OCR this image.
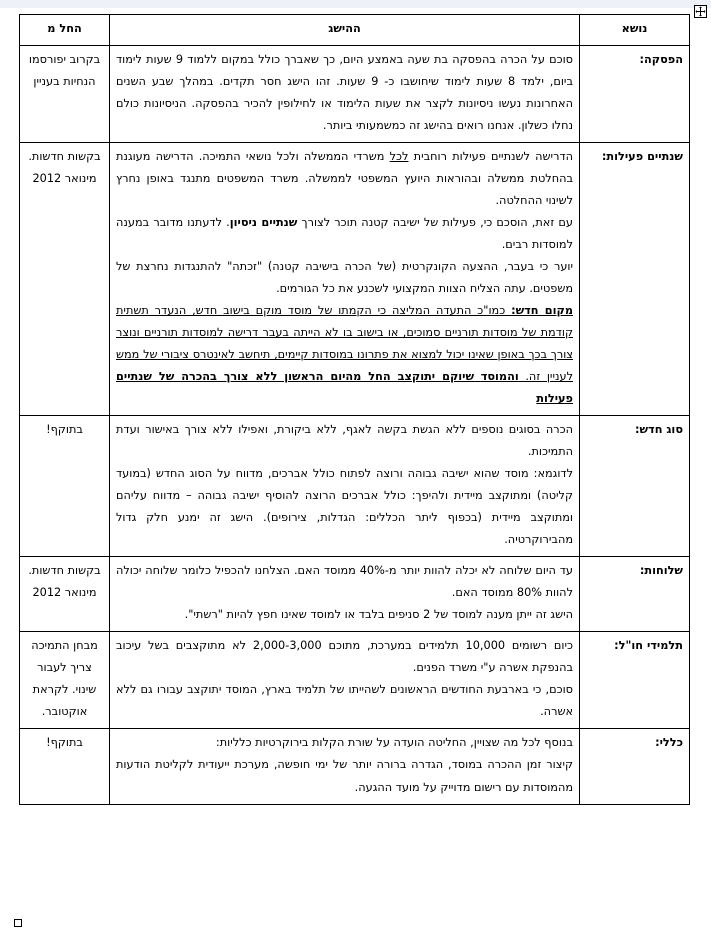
נושא	ההישג	החל מ
הפסקה:	סוכם על הכרה בהפסקה בת שעה באמצע היום, כך שאברך כולל במקום ללמוד 9 שעות לימוד ביום, ילמד 8 שעות לימוד שיחושבו כ- 9 שעות. זהו הישג חסר תקדים. במהלך שבע השנים האחרונות נעשו ניסיונות לקצר את שעות הלימוד או לחילופין להכיר בהפסקה. הניסיונות כולם נחלו כשלון. אנחנו רואים בהישג זה כמשמעותי ביותר.	בקרוב יפורסמו הנחיות בעניין
שנתיים פעילות:	הדרישה לשנתיים פעילות רוחבית לכל משרדי הממשלה ולכל נושאי התמיכה. הדרישה מעוגנת בהחלטת ממשלה ובהוראות היועץ המשפטי לממשלה. משרד המשפטים מתנגד באופן נחרץ לשינוי ההחלטה.

עם זאת, הוסכם כי, פעילות של ישיבה קטנה תוכר לצורך שנתיים ניסיון. לדעתנו מדובר במענה למוסדות רבים.

יוער כי בעבר, ההצעה הקונקרטית (של הכרה בישיבה קטנה) "זכתה" להתנגדות נחרצת של משפטים. עתה הצליח הצוות המקצועי לשכנע את כל הגורמים.

מקום חדש: כמו"כ התעדה המליצה כי הקמתו של מוסד מוקם בישוב חדש, הנעדר תשתית קודמת של מוסדות תורניים סמוכים, או בישוב בו לא הייתה בעבר דרישה למוסדות תורניים ונוצר צורך בכך באופן שאינו יכול למצוא את פתרונו במוסדות קיימים, תיחשב לאינטרס ציבורי של ממש לעניין זה. והמוסד שיוקם יתוקצב החל מהיום הראשון ללא צורך בהכרה של שנתיים פעילות	בקשות חדשות. מינואר 2012
סוג חדש:	הכרה בסוגים נוספים ללא הגשת בקשה לאגף, ללא ביקורת, ואפילו ללא צורך באישור ועדת התמיכות.

לדוגמא: מוסד שהוא ישיבה גבוהה ורוצה לפתוח כולל אברכים, מדווח על הסוג החדש (במועד קליטה) ומתוקצב מיידית ולהיפך: כולל אברכים הרוצה להוסיף ישיבה גבוהה – מדווח עליהם ומתוקצב מיידית (בכפוף ליתר הכללים: הגדלות, צירופים). הישג זה ימנע חלק גדול מהבירוקרטיה.	בתוקף!
שלוחות:	עד היום שלוחה לא יכלה להוות יותר מ-40% ממוסד האם. הצלחנו להכפיל כלומר שלוחה יכולה להוות 80% ממוסד האם.

הישג זה ייתן מענה למוסד של 2 סניפים בלבד או למוסד שאינו חפץ להיות "רשתי".	בקשות חדשות. מינואר 2012
תלמידי חו"ל:	כיום רשומים 10,000 תלמידים במערכת, מתוכם 2,000-3,000 לא מתוקצבים בשל עיכוב בהנפקת אשרה ע"י משרד הפנים.

סוכם, כי בארבעת החודשים הראשונים לשהייתו של תלמיד בארץ, המוסד יתוקצב עבורו גם ללא אשרה.	מבחן התמיכה צריך לעבור שינוי. לקראת אוקטובר.
כללי:	בנוסף לכל מה שצויין, החליטה הועדה על שורת הקלות בירוקרטיות כלליות:

קיצור זמן ההכרה במוסד, הגדרה ברורה יותר של ימי חופשה, מערכת ייעודית לקליטת הודעות מהמוסדות עם רישום מדוייק על מועד ההגעה.	בתוקף!
